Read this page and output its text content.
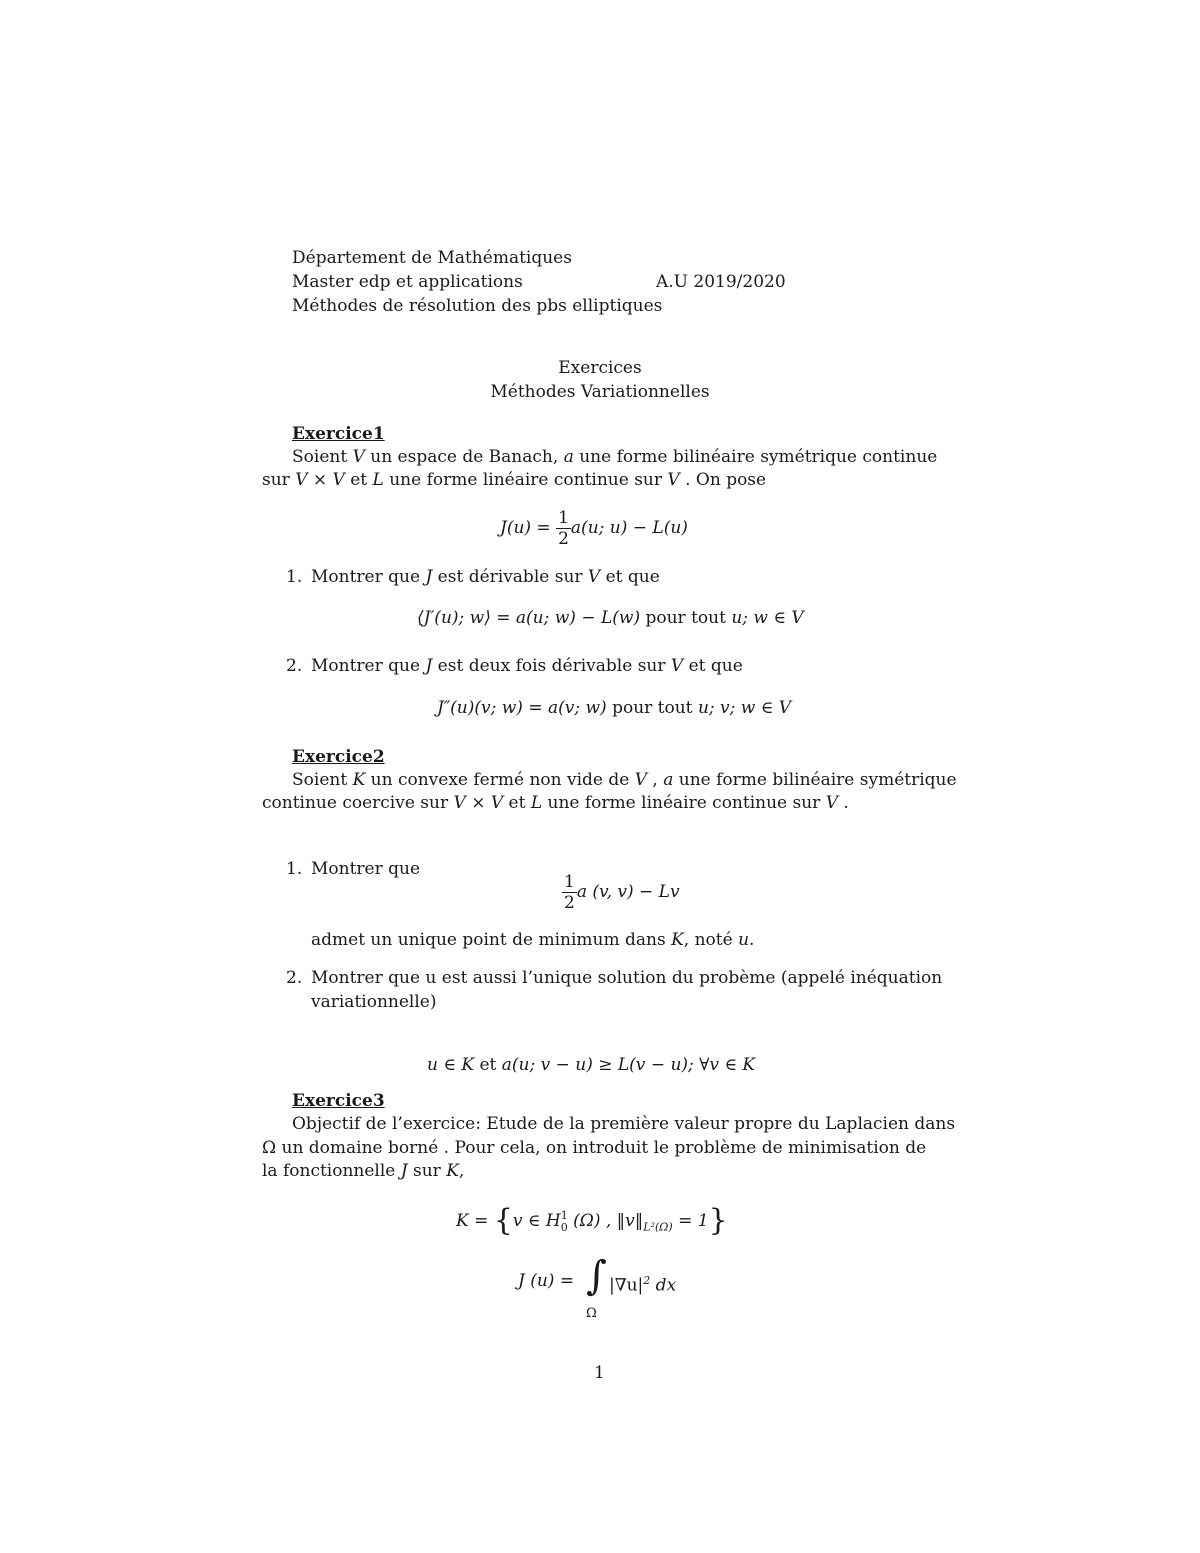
Département de Mathématiques
Master edp et applications	A.U 2019/2020
Méthodes de résolution des pbs elliptiques
Exercices
Méthodes Variationnelles
Exercice1
Soient V un espace de Banach, a une forme bilinéaire symétrique continue
sur V × V et L une forme linéaire continue sur V . On pose
$J(u) = \frac{1}{2} a(u$; u) − L(u)
1. Montrer que J est dérivable sur V et que
⟨J′(u); w⟩ = a(u; w) − L(w) pour tout u; w ∈ V
2. Montrer que J est deux fois dérivable sur V et que
J″(u)(v; w) = a(v; w) pour tout u; v; w ∈ V
Exercice2
Soient K un convexe fermé non vide de V , a une forme bilinéaire symétrique
continue coercive sur V × V et L une forme linéaire continue sur V .
1. Montrer que
$\frac{1}{2}$ a (v, v) − Lv
admet un unique point de minimum dans K, noté u.
2. Montrer que u est aussi l’unique solution du probème (appelé inéquation
variationnelle)
u ∈ K et a(u; v − u) ≥ L(v − u); ∀v ∈ K
Exercice3
Objectif de l’exercice: Etude de la première valeur propre du Laplacien dans
Ω un domaine borné . Pour cela, on introduit le problème de minimisation de
la fonctionnelle J sur K,
K = {v ∈ H 1
0 (Ω) , $‖v‖_{L^2(\Omega)} = 1$}
J (u) = ∫ $|\nabla u|^2$ dx
Ω
1
